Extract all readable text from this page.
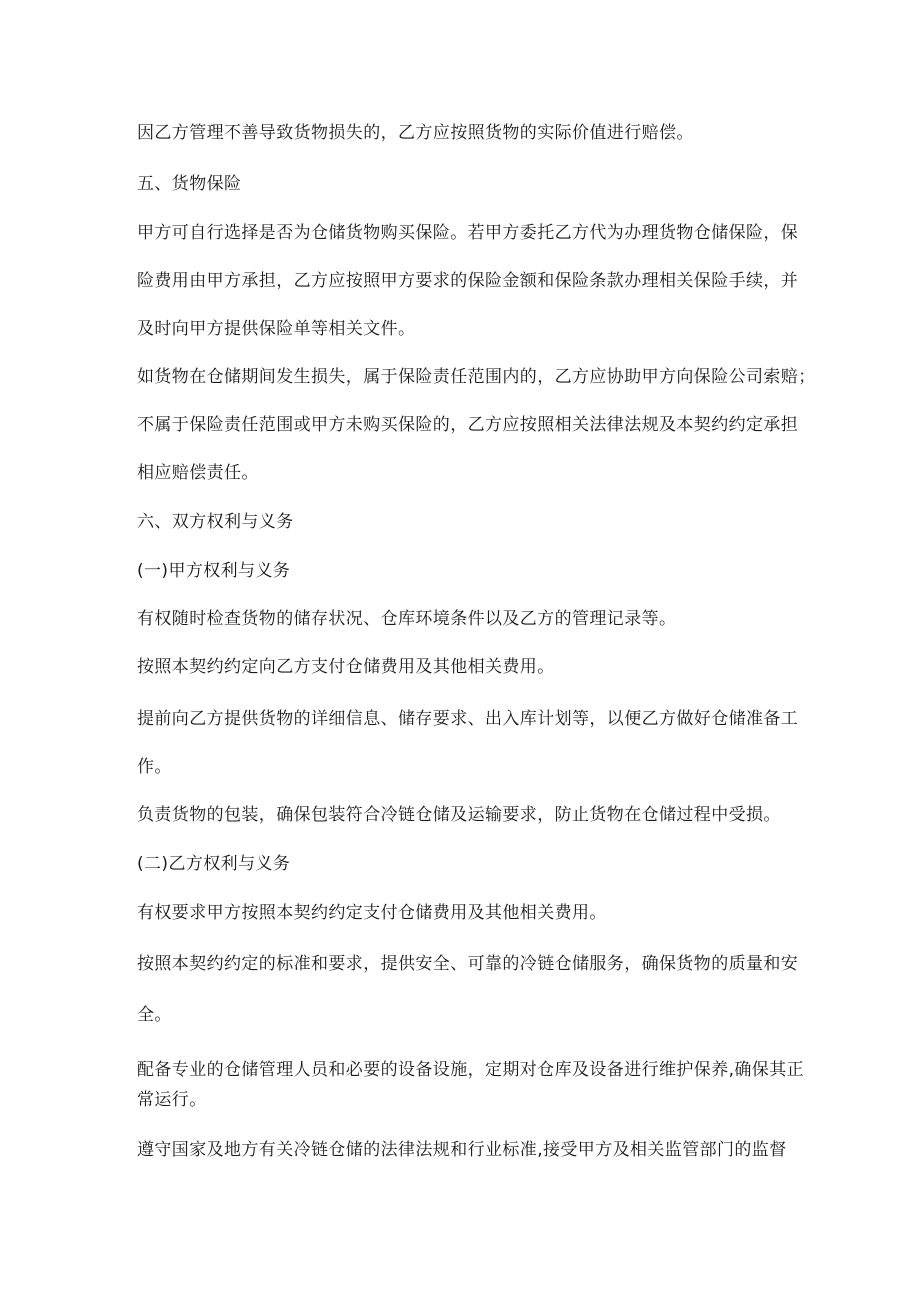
因乙方管理不善导致货物损失的，乙方应按照货物的实际价值进行赔偿。
五、货物保险
甲方可自行选择是否为仓储货物购买保险。若甲方委托乙方代为办理货物仓储保险，保
险费用由甲方承担，乙方应按照甲方要求的保险金额和保险条款办理相关保险手续，并
及时向甲方提供保险单等相关文件。
如货物在仓储期间发生损失，属于保险责任范围内的，乙方应协助甲方向保险公司索赔；
不属于保险责任范围或甲方未购买保险的，乙方应按照相关法律法规及本契约约定承担
相应赔偿责任。
六、双方权利与义务
(一)甲方权利与义务
有权随时检查货物的储存状况、仓库环境条件以及乙方的管理记录等。
按照本契约约定向乙方支付仓储费用及其他相关费用。
提前向乙方提供货物的详细信息、储存要求、出入库计划等，以便乙方做好仓储准备工
作。
负责货物的包装，确保包装符合冷链仓储及运输要求，防止货物在仓储过程中受损。
(二)乙方权利与义务
有权要求甲方按照本契约约定支付仓储费用及其他相关费用。
按照本契约约定的标准和要求，提供安全、可靠的冷链仓储服务，确保货物的质量和安
全。
配备专业的仓储管理人员和必要的设备设施，定期对仓库及设备进行维护保养,确保其正
常运行。
遵守国家及地方有关冷链仓储的法律法规和行业标准,接受甲方及相关监管部门的监督
